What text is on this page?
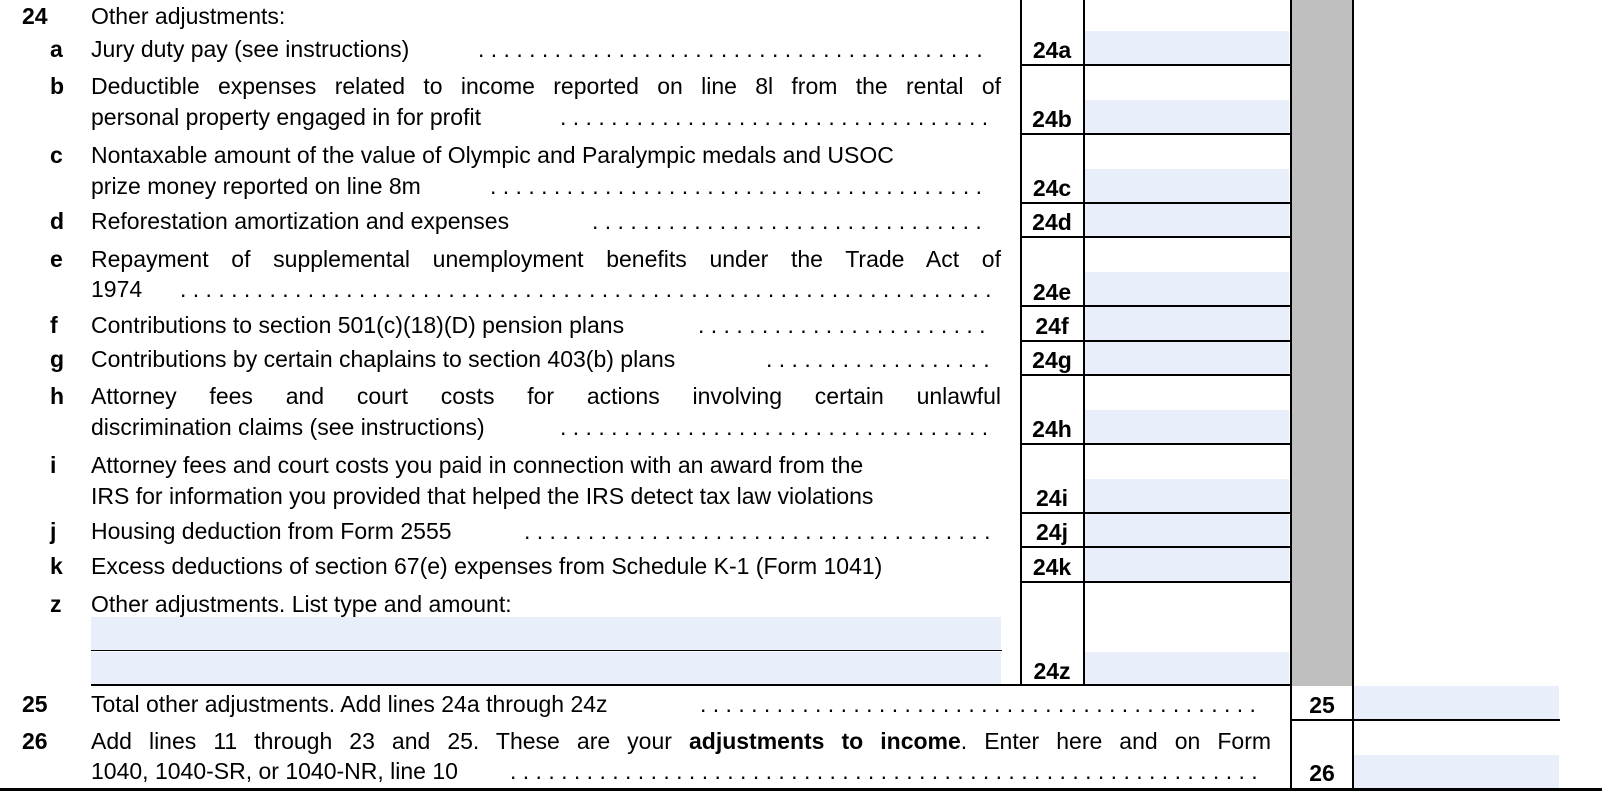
24 Other adjustments:
a Jury duty pay (see instructions) . . .	24a
b Deductible expenses related to income reported on line 8l from the rental of
personal property engaged in for profit . . .	24b
c Nontaxable amount of the value of Olympic and Paralympic medals and USOC
prize money reported on line 8m . . .	24c
d Reforestation amortization and expenses . . .	24d
e Repayment of supplemental unemployment benefits under the Trade Act of
1974 . . .	24e
f Contributions to section 501(c)(18)(D) pension plans . . .	24f
g Contributions by certain chaplains to section 403(b) plans . . .	24g
h Attorney fees and court costs for actions involving certain unlawful
discrimination claims (see instructions) . . .	24h
i Attorney fees and court costs you paid in connection with an award from the
IRS for information you provided that helped the IRS detect tax law violations	24i
j Housing deduction from Form 2555 . . .	24j
k Excess deductions of section 67(e) expenses from Schedule K-1 (Form 1041)	24k
z Other adjustments. List type and amount:
24z
25 Total other adjustments. Add lines 24a through 24z . . .	25
26 Add lines 11 through 23 and 25. These are your adjustments to income. Enter here and on Form
1040, 1040-SR, or 1040-NR, line 10 . . .	26
